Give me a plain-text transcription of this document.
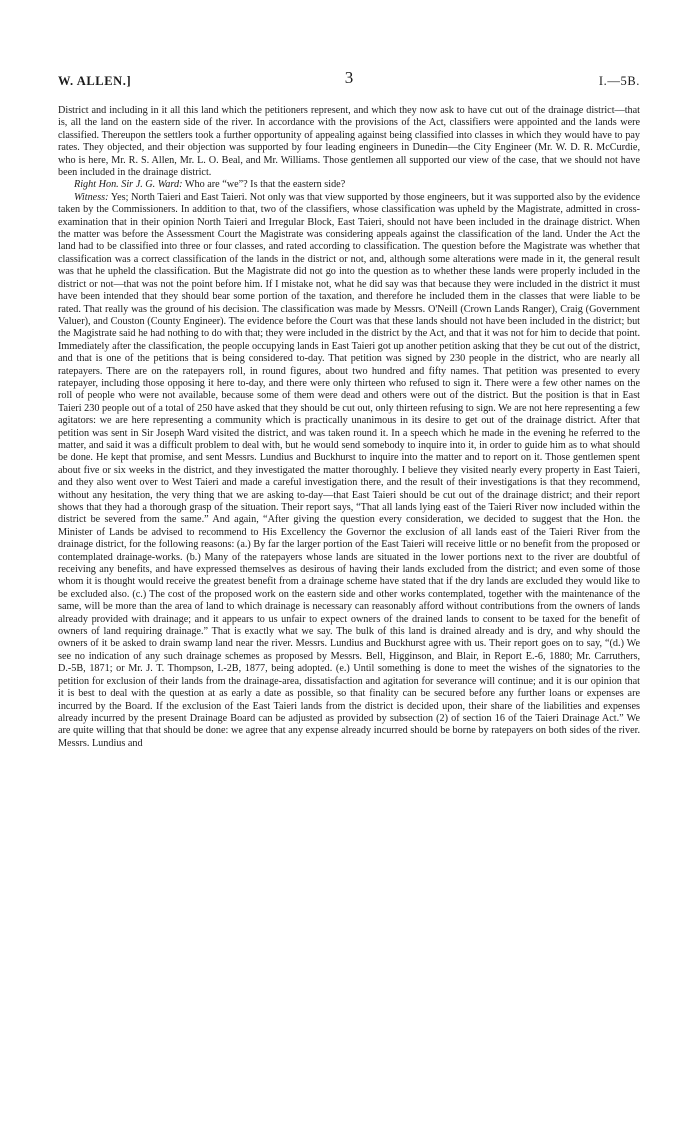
W. ALLEN.]	3	I.—5B.

District and including in it all this land which the petitioners represent, and which they now ask to have cut out of the drainage district—that is, all the land on the eastern side of the river. In accordance with the provisions of the Act, classifiers were appointed and the lands were classified. Thereupon the settlers took a further opportunity of appealing against being classified into classes in which they would have to pay rates. They objected, and their objection was supported by four leading engineers in Dunedin—the City Engineer (Mr. W. D. R. McCurdie, who is here, Mr. R. S. Allen, Mr. L. O. Beal, and Mr. Williams. Those gentlemen all supported our view of the case, that we should not have been included in the drainage district.

Right Hon. Sir J. G. Ward: Who are “we”? Is that the eastern side?

Witness: Yes; North Taieri and East Taieri. Not only was that view supported by those engineers, but it was supported also by the evidence taken by the Commissioners. In addition to that, two of the classifiers, whose classification was upheld by the Magistrate, admitted in cross-examination that in their opinion North Taieri and Irregular Block, East Taieri, should not have been included in the drainage district. When the matter was before the Assessment Court the Magistrate was considering appeals against the classification of the land. Under the Act the land had to be classified into three or four classes, and rated according to classification. The question before the Magistrate was whether that classification was a correct classification of the lands in the district or not, and, although some alterations were made in it, the general result was that he upheld the classification. But the Magistrate did not go into the question as to whether these lands were properly included in the district or not—that was not the point before him. If I mistake not, what he did say was that because they were included in the district it must have been intended that they should bear some portion of the taxation, and therefore he included them in the classes that were liable to be rated. That really was the ground of his decision. The classification was made by Messrs. O'Neill (Crown Lands Ranger), Craig (Government Valuer), and Couston (County Engineer). The evidence before the Court was that these lands should not have been included in the district; but the Magistrate said he had nothing to do with that; they were included in the district by the Act, and that it was not for him to decide that point. Immediately after the classification, the people occupying lands in East Taieri got up another petition asking that they be cut out of the district, and that is one of the petitions that is being considered to-day. That petition was signed by 230 people in the district, who are nearly all ratepayers. There are on the ratepayers roll, in round figures, about two hundred and fifty names. That petition was presented to every ratepayer, including those opposing it here to-day, and there were only thirteen who refused to sign it. There were a few other names on the roll of people who were not available, because some of them were dead and others were out of the district. But the position is that in East Taieri 230 people out of a total of 250 have asked that they should be cut out, only thirteen refusing to sign. We are not here representing a few agitators: we are here representing a community which is practically unanimous in its desire to get out of the drainage district. After that petition was sent in Sir Joseph Ward visited the district, and was taken round it. In a speech which he made in the evening he referred to the matter, and said it was a difficult problem to deal with, but he would send somebody to inquire into it, in order to guide him as to what should be done. He kept that promise, and sent Messrs. Lundius and Buckhurst to inquire into the matter and to report on it. Those gentlemen spent about five or six weeks in the district, and they investigated the matter thoroughly. I believe they visited nearly every property in East Taieri, and they also went over to West Taieri and made a careful investigation there, and the result of their investigations is that they recommend, without any hesitation, the very thing that we are asking to-day—that East Taieri should be cut out of the drainage district; and their report shows that they had a thorough grasp of the situation. Their report says, “That all lands lying east of the Taieri River now included within the district be severed from the same.” And again, “After giving the question every consideration, we decided to suggest that the Hon. the Minister of Lands be advised to recommend to His Excellency the Governor the exclusion of all lands east of the Taieri River from the drainage district, for the following reasons: (a.) By far the larger portion of the East Taieri will receive little or no benefit from the proposed or contemplated drainage-works. (b.) Many of the ratepayers whose lands are situated in the lower portions next to the river are doubtful of receiving any benefits, and have expressed themselves as desirous of having their lands excluded from the district; and even some of those whom it is thought would receive the greatest benefit from a drainage scheme have stated that if the dry lands are excluded they would like to be excluded also. (c.) The cost of the proposed work on the eastern side and other works contemplated, together with the maintenance of the same, will be more than the area of land to which drainage is necessary can reasonably afford without contributions from the owners of lands already provided with drainage; and it appears to us unfair to expect owners of the drained lands to consent to be taxed for the benefit of owners of land requiring drainage.” That is exactly what we say. The bulk of this land is drained already and is dry, and why should the owners of it be asked to drain swamp land near the river. Messrs. Lundius and Buckhurst agree with us. Their report goes on to say, “(d.) We see no indication of any such drainage schemes as proposed by Messrs. Bell, Higginson, and Blair, in Report E.-6, 1880; Mr. Carruthers, D.-5B, 1871; or Mr. J. T. Thompson, I.-2B, 1877, being adopted. (e.) Until something is done to meet the wishes of the signatories to the petition for exclusion of their lands from the drainage-area, dissatisfaction and agitation for severance will continue; and it is our opinion that it is best to deal with the question at as early a date as possible, so that finality can be secured before any further loans or expenses are incurred by the Board. If the exclusion of the East Taieri lands from the district is decided upon, their share of the liabilities and expenses already incurred by the present Drainage Board can be adjusted as provided by subsection (2) of section 16 of the Taieri Drainage Act.” We are quite willing that that should be done: we agree that any expense already incurred should be borne by ratepayers on both sides of the river. Messrs. Lundius and
